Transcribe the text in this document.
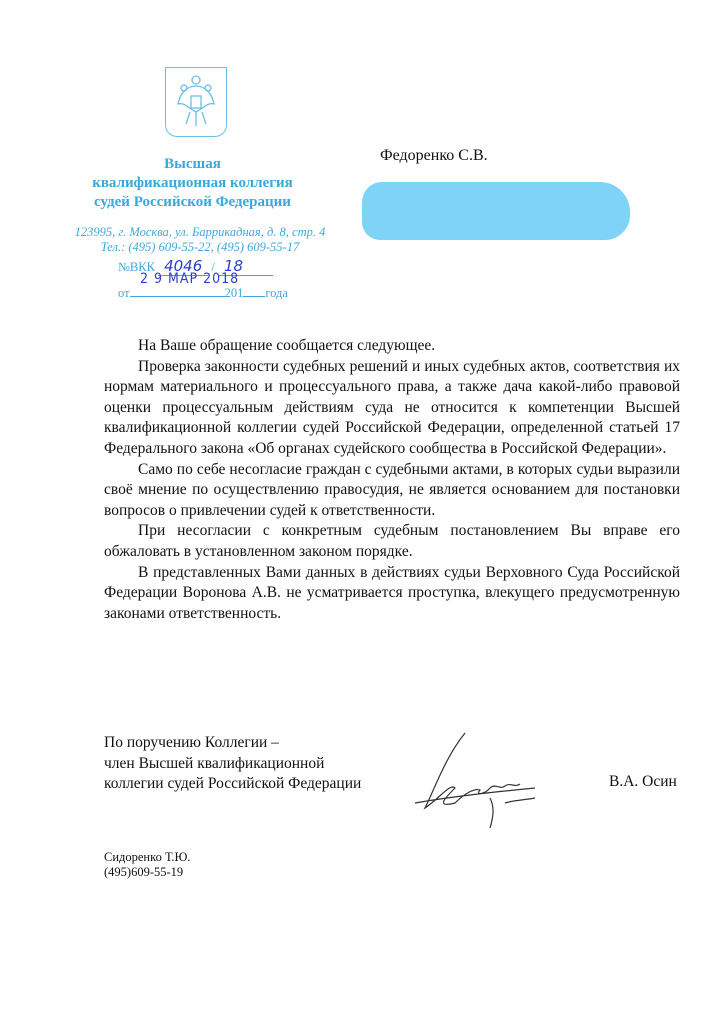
Высшая
квалификационная коллегия
судей Российской Федерации
123995, г. Москва, ул. Баррикадная, д. 8, стр. 4
Тел.: (495) 609-55-22, (495) 609-55-17
№ВКК 4046 / 18
2 9 МАР 2018
от	201 года
Федоренко С.В.

На Ваше обращение сообщается следующее.

Проверка законности судебных решений и иных судебных актов, соответствия их нормам материального и процессуального права, а также дача какой-либо правовой оценки процессуальным действиям суда не относится к компетенции Высшей квалификационной коллегии судей Российской Федерации, определенной статьей 17 Федерального закона «Об органах судейского сообщества в Российской Федерации».

Само по себе несогласие граждан с судебными актами, в которых судьи выразили своё мнение по осуществлению правосудия, не является основанием для постановки вопросов о привлечении судей к ответственности.

При несогласии с конкретным судебным постановлением Вы вправе его обжаловать в установленном законом порядке.

В представленных Вами данных в действиях судьи Верховного Суда Российской Федерации Воронова А.В. не усматривается проступка, влекущего предусмотренную законами ответственность.

По поручению Коллегии –
член Высшей квалификационной
коллегии судей Российской Федерации	В.А. Осин
Сидоренко Т.Ю.
(495)609-55-19
